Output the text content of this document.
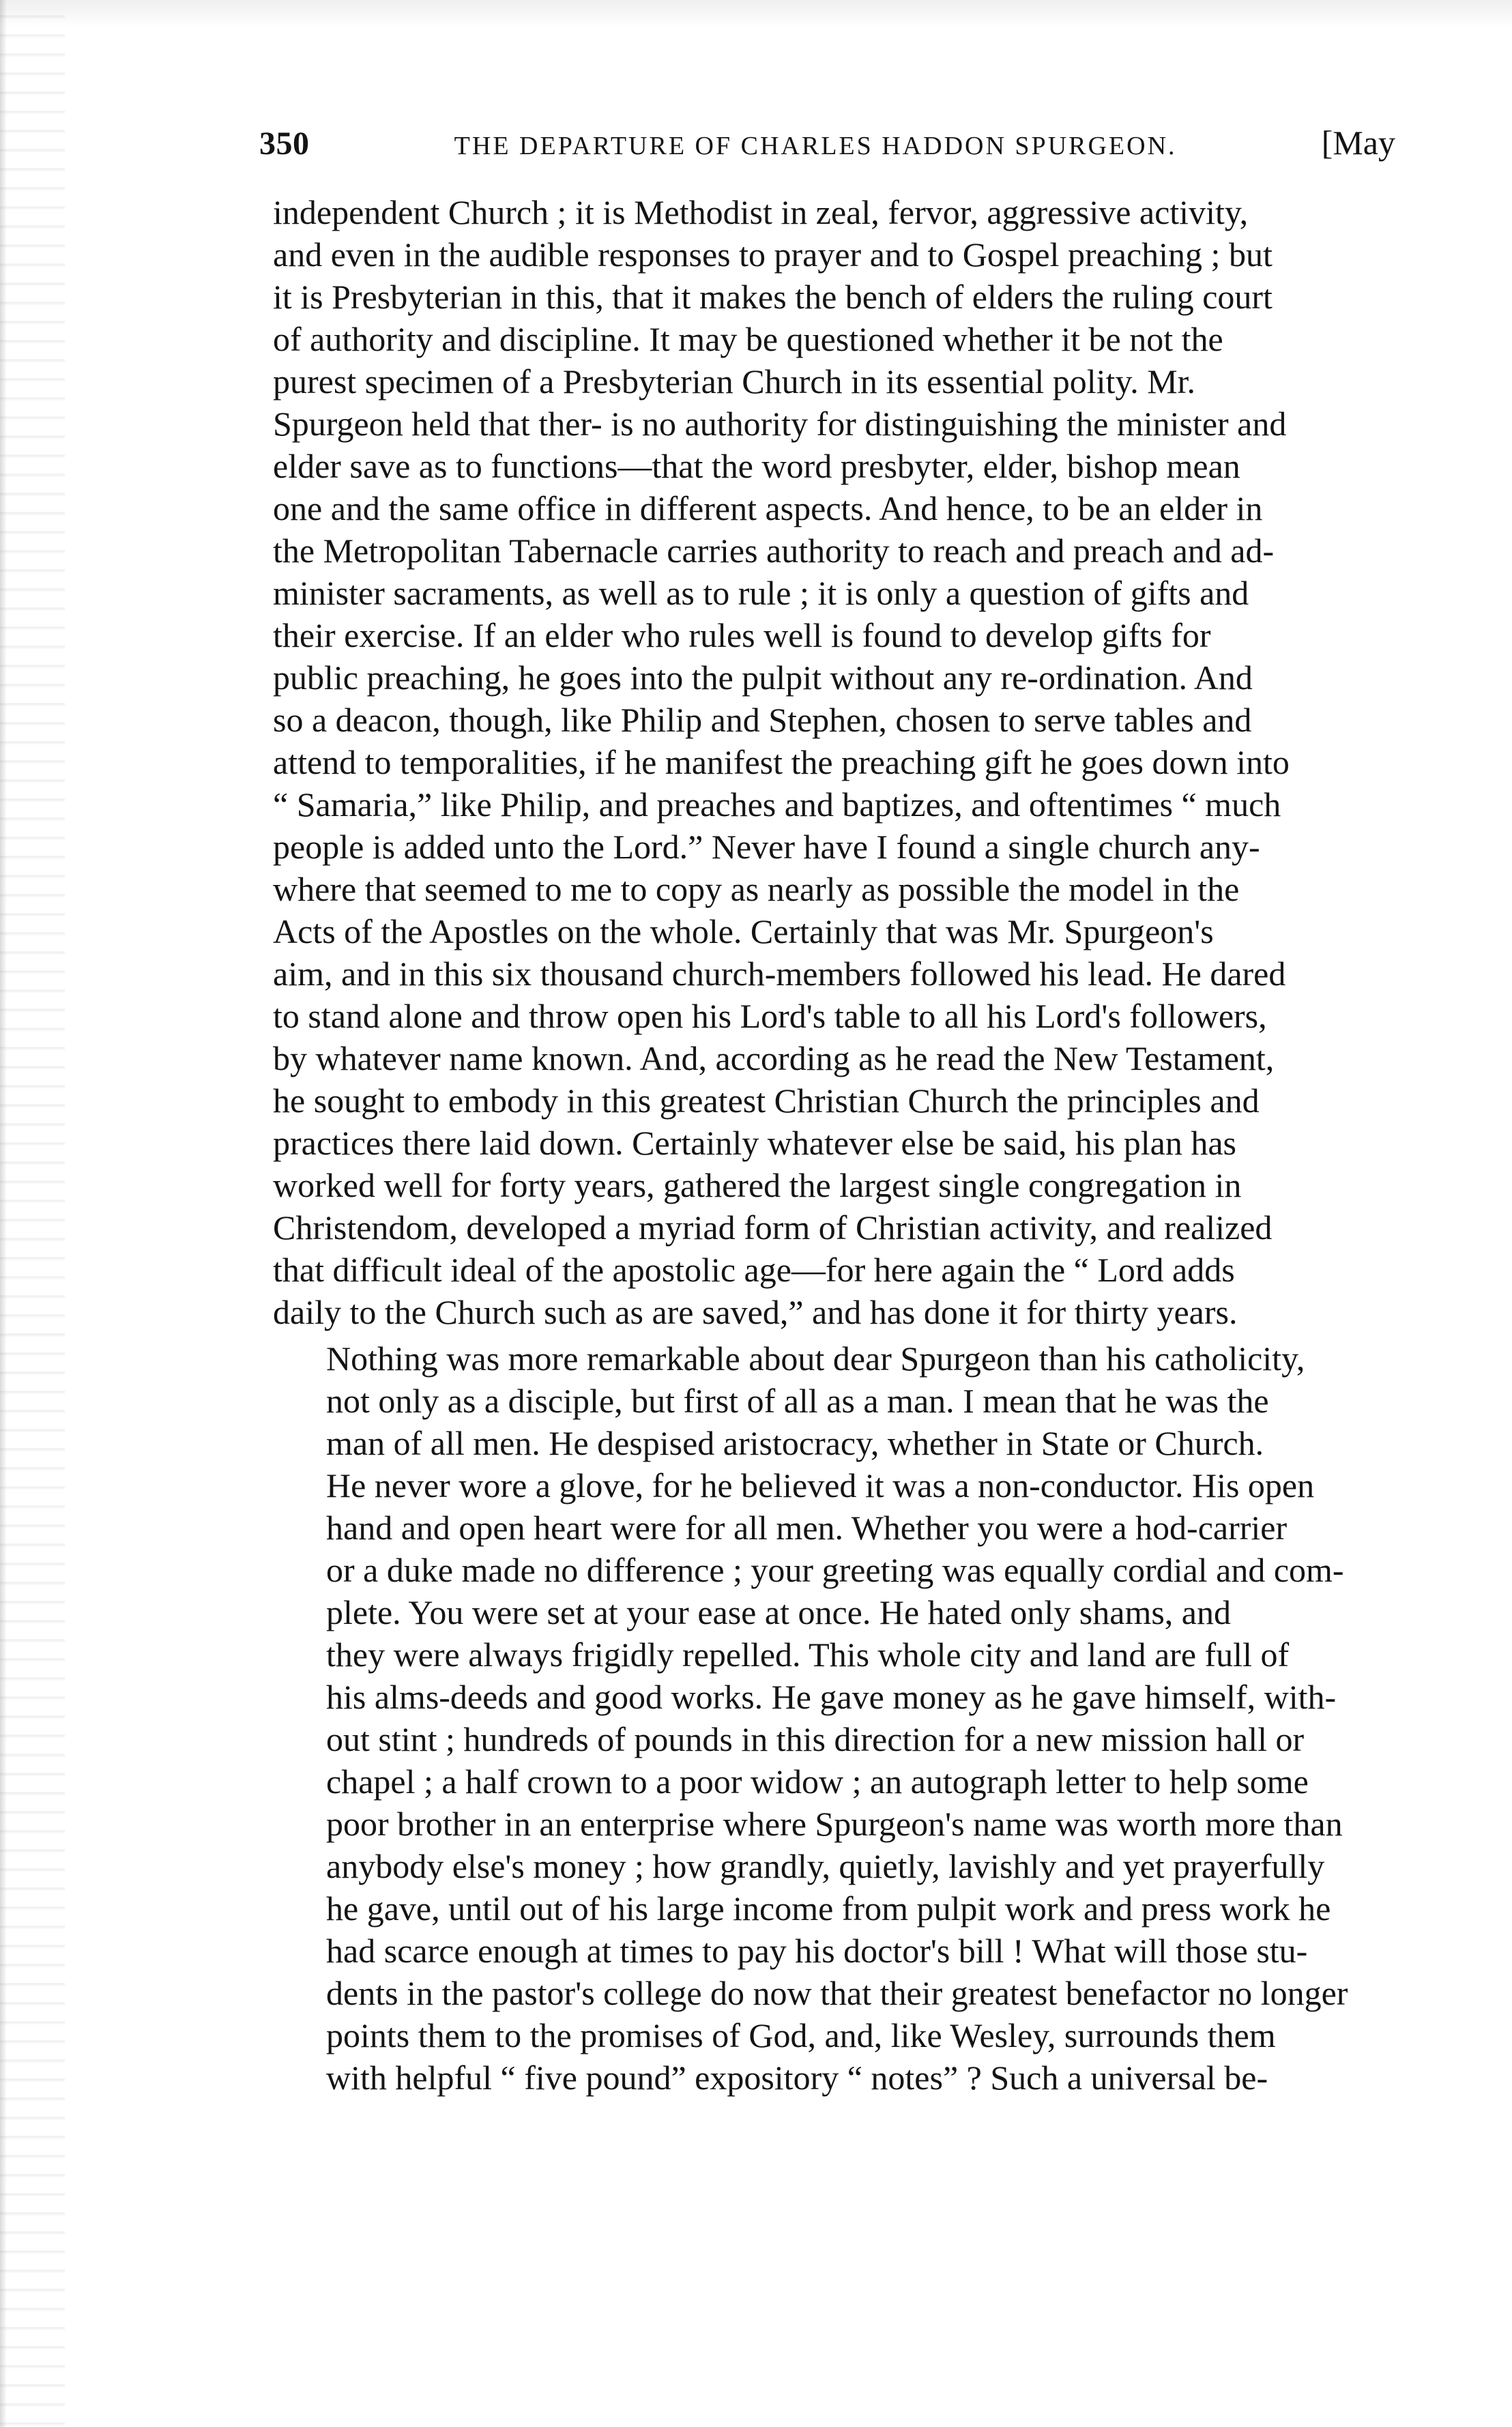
350	THE DEPARTURE OF CHARLES HADDON SPURGEON.	[May
independent Church ; it is Methodist in zeal, fervor, aggressive activity,
and even in the audible responses to prayer and to Gospel preaching ; but
it is Presbyterian in this, that it makes the bench of elders the ruling court
of authority and discipline. It may be questioned whether it be not the
purest specimen of a Presbyterian Church in its essential polity. Mr.
Spurgeon held that ther- is no authority for distinguishing the minister and
elder save as to functions—that the word presbyter, elder, bishop mean
one and the same office in different aspects. And hence, to be an elder in
the Metropolitan Tabernacle carries authority to reach and preach and ad-
minister sacraments, as well as to rule ; it is only a question of gifts and
their exercise. If an elder who rules well is found to develop gifts for
public preaching, he goes into the pulpit without any re-ordination. And
so a deacon, though, like Philip and Stephen, chosen to serve tables and
attend to temporalities, if he manifest the preaching gift he goes down into
“ Samaria,” like Philip, and preaches and baptizes, and oftentimes “ much
people is added unto the Lord.” Never have I found a single church any-
where that seemed to me to copy as nearly as possible the model in the
Acts of the Apostles on the whole. Certainly that was Mr. Spurgeon's
aim, and in this six thousand church-members followed his lead. He dared
to stand alone and throw open his Lord's table to all his Lord's followers,
by whatever name known. And, according as he read the New Testament,
he sought to embody in this greatest Christian Church the principles and
practices there laid down. Certainly whatever else be said, his plan has
worked well for forty years, gathered the largest single congregation in
Christendom, developed a myriad form of Christian activity, and realized
that difficult ideal of the apostolic age—for here again the “ Lord adds
daily to the Church such as are saved,” and has done it for thirty years.
Nothing was more remarkable about dear Spurgeon than his catholicity,
not only as a disciple, but first of all as a man. I mean that he was the
man of all men. He despised aristocracy, whether in State or Church.
He never wore a glove, for he believed it was a non-conductor. His open
hand and open heart were for all men. Whether you were a hod-carrier
or a duke made no difference ; your greeting was equally cordial and com-
plete. You were set at your ease at once. He hated only shams, and
they were always frigidly repelled. This whole city and land are full of
his alms-deeds and good works. He gave money as he gave himself, with-
out stint ; hundreds of pounds in this direction for a new mission hall or
chapel ; a half crown to a poor widow ; an autograph letter to help some
poor brother in an enterprise where Spurgeon's name was worth more than
anybody else's money ; how grandly, quietly, lavishly and yet prayerfully
he gave, until out of his large income from pulpit work and press work he
had scarce enough at times to pay his doctor's bill ! What will those stu-
dents in the pastor's college do now that their greatest benefactor no longer
points them to the promises of God, and, like Wesley, surrounds them
with helpful “ five pound” expository “ notes” ? Such a universal be-
